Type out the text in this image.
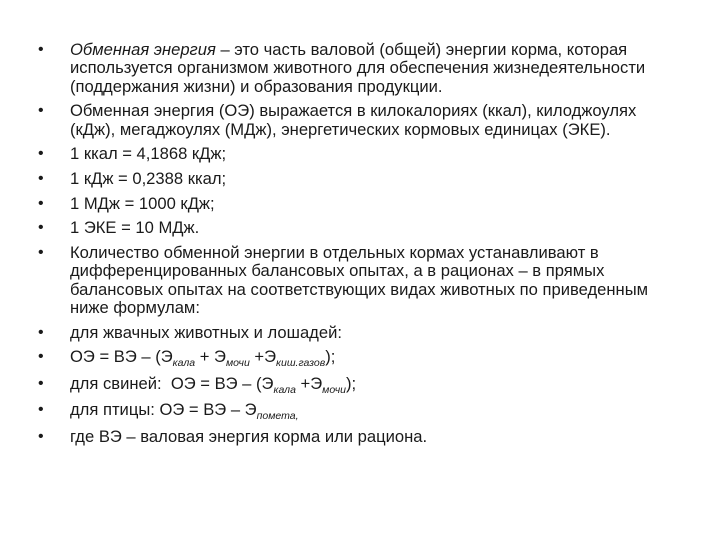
• Обменная энергия – это часть валовой (общей) энергии корма, которая используется организмом животного для обеспечения жизнедеятельности (поддержания жизни) и образования продукции.
• Обменная энергия (ОЭ) выражается в килокалориях (ккал), килоджоулях (кДж), мегаджоулях (МДж), энергетических кормовых единицах (ЭКЕ).
• 1 ккал = 4,1868 кДж;
• 1 кДж = 0,2388 ккал;
• 1 МДж = 1000 кДж;
• 1 ЭКЕ = 10 МДж.
• Количество обменной энергии в отдельных кормах устанавливают в дифференцированных балансовых опытах, а в рационах – в прямых балансовых опытах на соответствующих видах животных по приведенным ниже формулам:
• для жвачных животных и лошадей:
• ОЭ = ВЭ – $(Э_{кала} + Э_{мочи} +Э_{киш.газов})$;
• для свиней:  ОЭ = ВЭ – $(Э_{кала} +Э_{мочи})$;
• для птицы: ОЭ = ВЭ – $Э_{помета,}$
• где ВЭ – валовая энергия корма или рациона.
